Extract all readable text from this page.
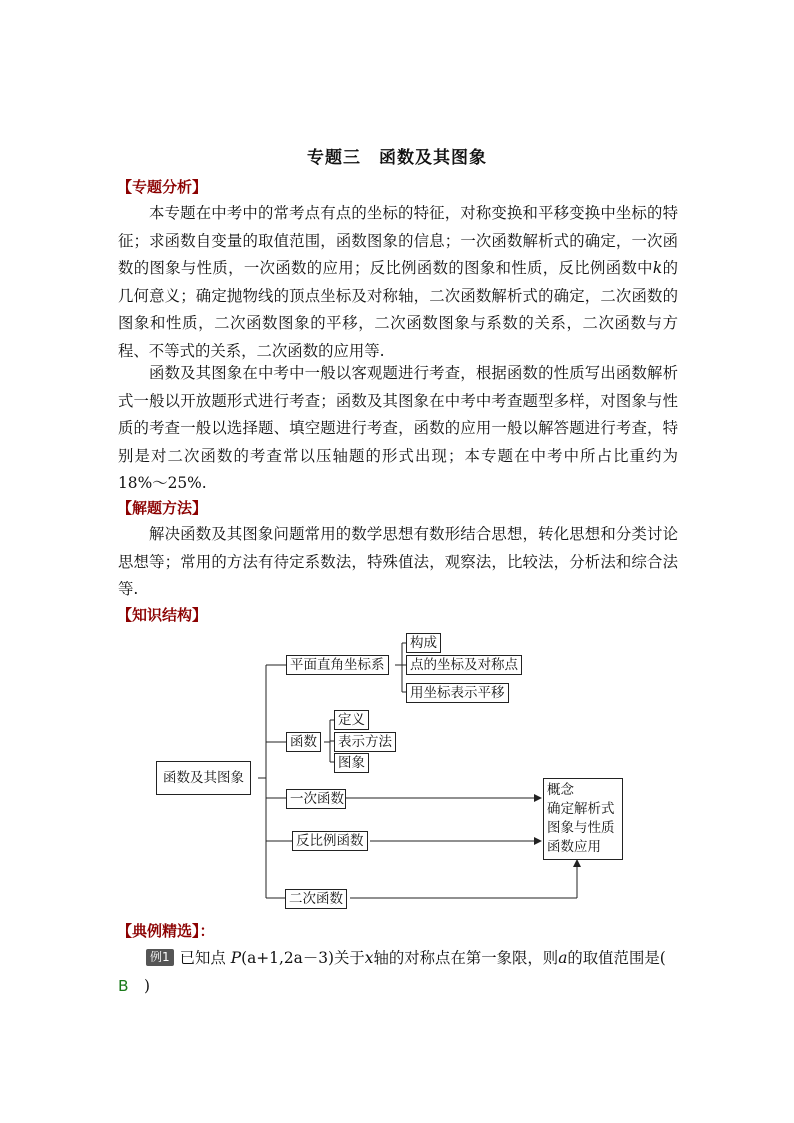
专题三　函数及其图象
【专题分析】
本专题在中考中的常考点有点的坐标的特征，对称变换和平移变换中坐标的特征；求函数自变量的取值范围，函数图象的信息；一次函数解析式的确定，一次函数的图象与性质，一次函数的应用；反比例函数的图象和性质，反比例函数中k的几何意义；确定抛物线的顶点坐标及对称轴，二次函数解析式的确定，二次函数的图象和性质，二次函数图象的平移，二次函数图象与系数的关系，二次函数与方程、不等式的关系，二次函数的应用等.
函数及其图象在中考中一般以客观题进行考查，根据函数的性质写出函数解析式一般以开放题形式进行考查；函数及其图象在中考中考查题型多样，对图象与性质的考查一般以选择题、填空题进行考查，函数的应用一般以解答题进行考查，特别是对二次函数的考查常以压轴题的形式出现；本专题在中考中所占比重约为 18%～25%.
【解题方法】
解决函数及其图象问题常用的数学思想有数形结合思想，转化思想和分类讨论思想等；常用的方法有待定系数法，特殊值法，观察法，比较法，分析法和综合法等.
【知识结构】
函数及其图象
平面直角坐标系
构成
点的坐标及对称点
用坐标表示平移
函数
定义
表示方法
图象
一次函数
反比例函数
二次函数
概念
确定解析式
图象与性质
函数应用
【典例精选】：
例1 已知点 P(a+1,2a－3)关于x轴的对称点在第一象限，则a的取值范围是(　B　 )
